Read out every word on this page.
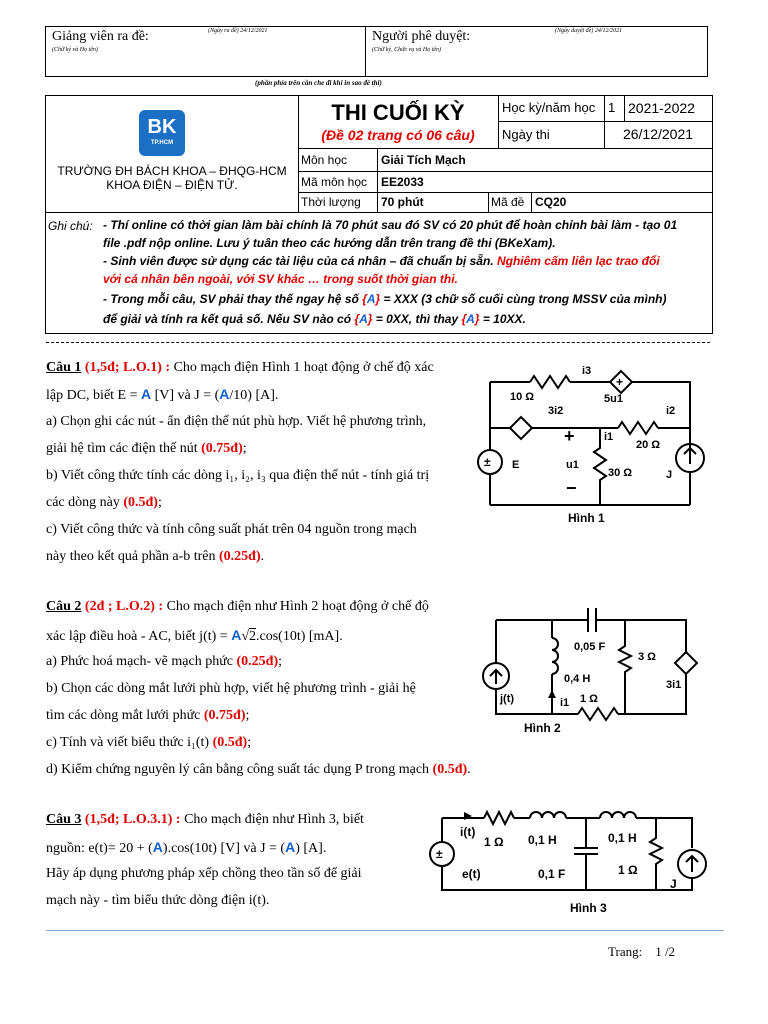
Giảng viên ra đề:	(Ngày ra đề) 24/12/2021
(Chữ ký và Họ tên)
Người phê duyệt:	(Ngày duyệt đề) 24/12/2021
(Chữ ký, Chức vụ và Họ tên)
(phần phía trên cần che đi khi in sao đề thi)
BK
TP.HCM
TRƯỜNG ĐH BÁCH KHOA – ĐHQG-HCM
KHOA ĐIỆN – ĐIỆN TỬ.
THI CUỐI KỲ
(Đề 02 trang có 06 câu)
Học kỳ/năm học 1 2021-2022
Ngày thi	26/12/2021
Môn học	Giải Tích Mạch
Mã môn học EE2033
Thời lượng 70 phút	Mã đề CQ20
Ghi chú: - Thí online có thời gian làm bài chính là 70 phút sau đó SV có 20 phút để hoàn chỉnh bài làm - tạo 01
file .pdf nộp online. Lưu ý tuân theo các hướng dẫn trên trang đề thi (BKeXam).
- Sinh viên được sử dụng các tài liệu của cá nhân – đã chuẩn bị sẵn. Nghiêm cấm liên lạc trao đổi
với cá nhân bên ngoài, với SV khác … trong suốt thời gian thi.
- Trong mỗi câu, SV phải thay thế ngay hệ số {A} = XXX (3 chữ số cuối cùng trong MSSV của mình)
để giải và tính ra kết quả số. Nếu SV nào có {A} = 0XX, thì thay {A} = 10XX.
Câu 1 (1,5đ; L.O.1) : Cho mạch điện Hình 1 hoạt động ở chế độ xác
lập DC, biết E = A [V] và J = (A/10) [A].
a) Chọn ghi các nút - ẩn điện thế nút phù hợp. Viết hệ phương trình,
giải hệ tìm các điện thế nút (0.75đ);
b) Viết công thức tính các dòng i₁, i₂, i₃ qua điện thế nút - tính giá trị
các dòng này (0.5đ);
c) Viết công thức và tính công suất phát trên 04 nguồn trong mạch
này theo kết quả phần a-b trên (0.25đ).
10 Ω
i3
5u1
i2
3i2
i1
20 Ω
+
−
u1
30 Ω
E
J
Hình 1
+
±
Câu 2 (2đ ; L.O.2) : Cho mạch điện như Hình 2 hoạt động ở chế độ
xác lập điều hoà - AC, biết j(t) = A√2.cos(10t) [mA].
a) Phức hoá mạch- vẽ mạch phức (0.25đ);
b) Chọn các dòng mắt lưới phù hợp, viết hệ phương trình - giải hệ
tìm các dòng mắt lưới phức (0.75đ);
c) Tính và viết biểu thức i₁(t) (0.5đ);
d) Kiểm chứng nguyên lý cân bằng công suất tác dụng P trong mạch (0.5đ).
0,05 F
3 Ω
0,4 H	3i1
j(t)	i1 1 Ω
Hình 2
Câu 3 (1,5đ; L.O.3.1) : Cho mạch điện như Hình 3, biết
nguồn: e(t)= 20 + (A).cos(10t) [V] và J = (A) [A].
Hãy áp dụng phương pháp xếp chồng theo tần số để giải
mạch này - tìm biểu thức dòng điện i(t).
i(t)
1 Ω 0,1 H	0,1 H
0,1 F	1 Ω
e(t)
J
Hình 3
±
Trang:    1 /2
